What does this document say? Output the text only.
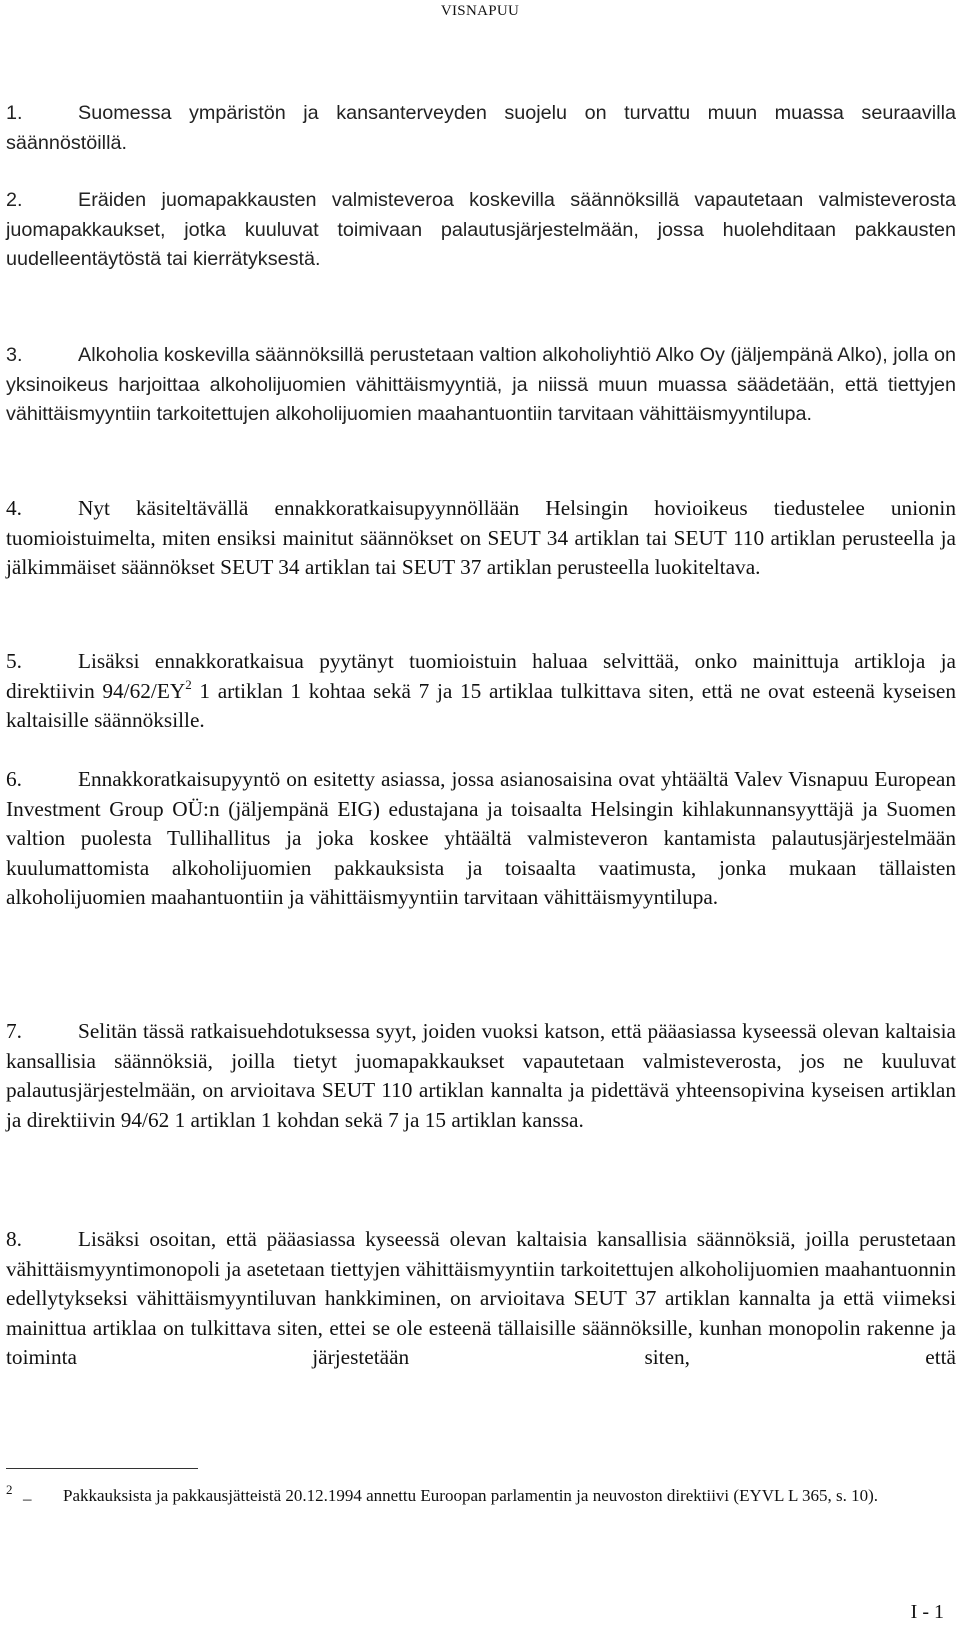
VISNAPUU

1.	Suomessa ympäristön ja kansanterveyden suojelu on turvattu muun muassa seuraavilla säännöstöillä.

2.	Eräiden juomapakkausten valmisteveroa koskevilla säännöksillä vapautetaan valmisteverosta juomapakkaukset, jotka kuuluvat toimivaan palautusjärjestelmään, jossa huolehditaan pakkausten uudelleentäytöstä tai kierrätyksestä.

3.	Alkoholia koskevilla säännöksillä perustetaan valtion alkoholiyhtiö Alko Oy (jäljempänä Alko), jolla on yksinoikeus harjoittaa alkoholijuomien vähittäismyyntiä, ja niissä muun muassa säädetään, että tiettyjen vähittäismyyntiin tarkoitettujen alkoholijuomien maahantuontiin tarvitaan vähittäismyyntilupa.

4.	Nyt käsiteltävällä ennakkoratkaisupyynnöllään Helsingin hovioikeus tiedustelee unionin tuomioistuimelta, miten ensiksi mainitut säännökset on SEUT 34 artiklan tai SEUT 110 artiklan perusteella ja jälkimmäiset säännökset SEUT 34 artiklan tai SEUT 37 artiklan perusteella luokiteltava.

5.	Lisäksi ennakkoratkaisua pyytänyt tuomioistuin haluaa selvittää, onko mainittuja artikloja ja direktiivin $94/62/EY^2$ 1 artiklan 1 kohtaa sekä 7 ja 15 artiklaa tulkittava siten, että ne ovat esteenä kyseisen kaltaisille säännöksille.

6.	Ennakkoratkaisupyyntö on esitetty asiassa, jossa asianosaisina ovat yhtäältä Valev Visnapuu European Investment Group OÜ:n (jäljempänä EIG) edustajana ja toisaalta Helsingin kihlakunnansyyttäjä ja Suomen valtion puolesta Tullihallitus ja joka koskee yhtäältä valmisteveron kantamista palautusjärjestelmään kuulumattomista alkoholijuomien pakkauksista ja toisaalta vaatimusta, jonka mukaan tällaisten alkoholijuomien maahantuontiin ja vähittäismyyntiin tarvitaan vähittäismyyntilupa.

7.	Selitän tässä ratkaisuehdotuksessa syyt, joiden vuoksi katson, että pääasiassa kyseessä olevan kaltaisia kansallisia säännöksiä, joilla tietyt juomapakkaukset vapautetaan valmisteverosta, jos ne kuuluvat palautusjärjestelmään, on arvioitava SEUT 110 artiklan kannalta ja pidettävä yhteensopivina kyseisen artiklan ja direktiivin 94/62 1 artiklan 1 kohdan sekä 7 ja 15 artiklan kanssa.

8.	Lisäksi osoitan, että pääasiassa kyseessä olevan kaltaisia kansallisia säännöksiä, joilla perustetaan vähittäismyyntimonopoli ja asetetaan tiettyjen vähittäismyyntiin tarkoitettujen alkoholijuomien maahantuonnin edellytykseksi vähittäismyyntiluvan hankkiminen, on arvioitava SEUT 37 artiklan kannalta ja että viimeksi mainittua artiklaa on tulkittava siten, ettei se ole esteenä tällaisille säännöksille, kunhan monopolin rakenne ja toiminta järjestetään siten, että

$^2$ – Pakkauksista ja pakkausjätteistä 20.12.1994 annettu Euroopan parlamentin ja neuvoston direktiivi (EYVL L 365, s. 10).
I - 1
